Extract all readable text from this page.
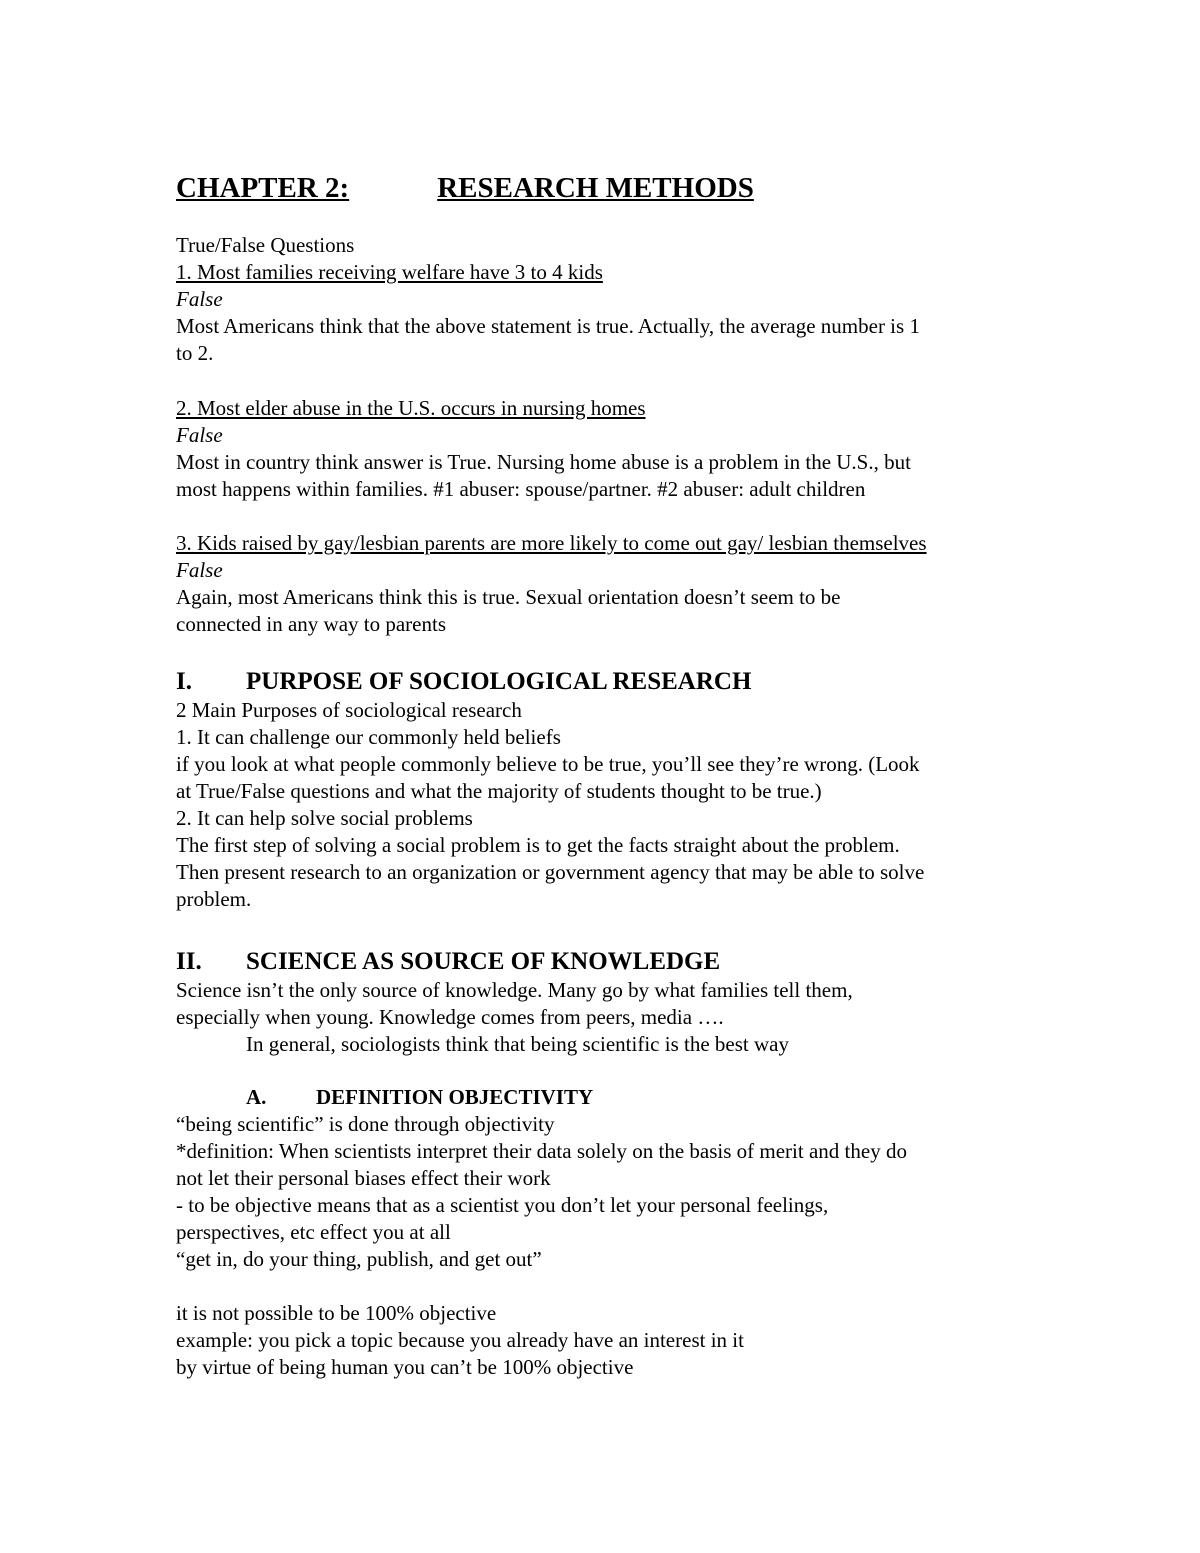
CHAPTER 2:	RESEARCH METHODS
True/False Questions
1. Most families receiving welfare have 3 to 4 kids
False
Most Americans think that the above statement is true. Actually, the average number is 1
to 2.
2. Most elder abuse in the U.S. occurs in nursing homes
False
Most in country think answer is True. Nursing home abuse is a problem in the U.S., but
most happens within families. #1 abuser: spouse/partner. #2 abuser: adult children
3. Kids raised by gay/lesbian parents are more likely to come out gay/ lesbian themselves
False
Again, most Americans think this is true. Sexual orientation doesn’t seem to be
connected in any way to parents
I. PURPOSE OF SOCIOLOGICAL RESEARCH
2 Main Purposes of sociological research
1. It can challenge our commonly held beliefs
if you look at what people commonly believe to be true, you’ll see they’re wrong. (Look
at True/False questions and what the majority of students thought to be true.)
2. It can help solve social problems
The first step of solving a social problem is to get the facts straight about the problem.
Then present research to an organization or government agency that may be able to solve
problem.
II. SCIENCE AS SOURCE OF KNOWLEDGE
Science isn’t the only source of knowledge. Many go by what families tell them,
especially when young. Knowledge comes from peers, media ….
In general, sociologists think that being scientific is the best way
A. DEFINITION OBJECTIVITY
“being scientific” is done through objectivity
*definition: When scientists interpret their data solely on the basis of merit and they do
not let their personal biases effect their work
- to be objective means that as a scientist you don’t let your personal feelings,
perspectives, etc effect you at all
“get in, do your thing, publish, and get out”
it is not possible to be 100% objective
example: you pick a topic because you already have an interest in it
by virtue of being human you can’t be 100% objective
